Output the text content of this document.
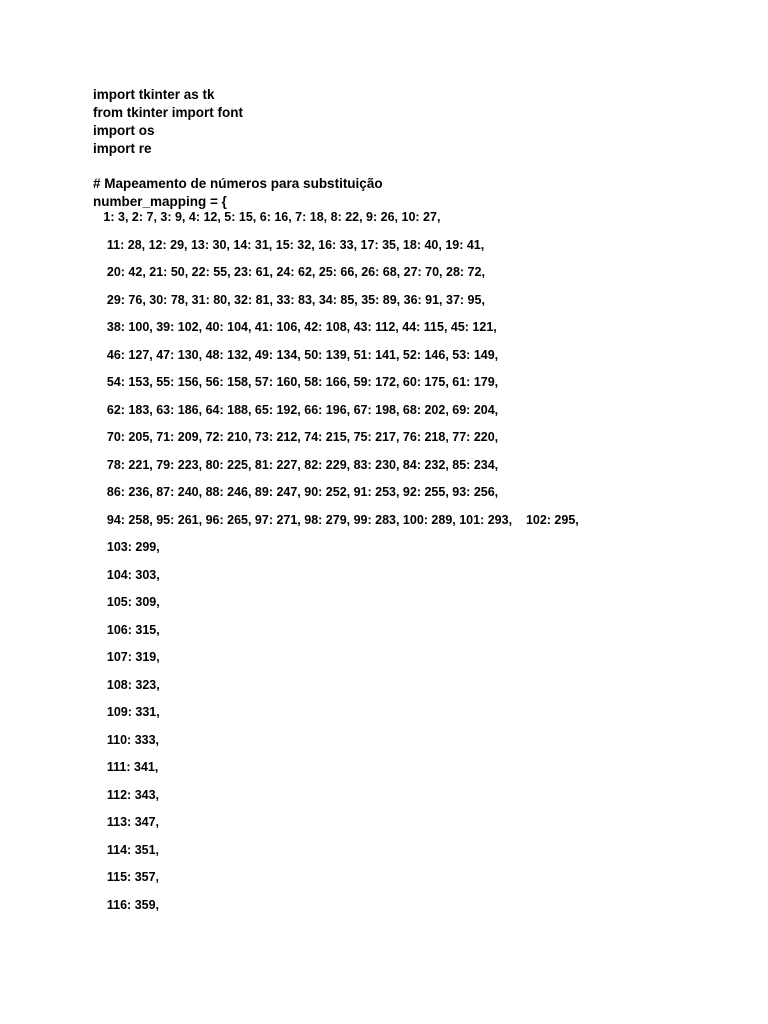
import tkinter as tk
from tkinter import font
import os
import re
# Mapeamento de números para substituição
number_mapping = {
1: 3, 2: 7, 3: 9, 4: 12, 5: 15, 6: 16, 7: 18, 8: 22, 9: 26, 10: 27,
11: 28, 12: 29, 13: 30, 14: 31, 15: 32, 16: 33, 17: 35, 18: 40, 19: 41,
20: 42, 21: 50, 22: 55, 23: 61, 24: 62, 25: 66, 26: 68, 27: 70, 28: 72,
29: 76, 30: 78, 31: 80, 32: 81, 33: 83, 34: 85, 35: 89, 36: 91, 37: 95,
38: 100, 39: 102, 40: 104, 41: 106, 42: 108, 43: 112, 44: 115, 45: 121,
46: 127, 47: 130, 48: 132, 49: 134, 50: 139, 51: 141, 52: 146, 53: 149,
54: 153, 55: 156, 56: 158, 57: 160, 58: 166, 59: 172, 60: 175, 61: 179,
62: 183, 63: 186, 64: 188, 65: 192, 66: 196, 67: 198, 68: 202, 69: 204,
70: 205, 71: 209, 72: 210, 73: 212, 74: 215, 75: 217, 76: 218, 77: 220,
78: 221, 79: 223, 80: 225, 81: 227, 82: 229, 83: 230, 84: 232, 85: 234,
86: 236, 87: 240, 88: 246, 89: 247, 90: 252, 91: 253, 92: 255, 93: 256,
94: 258, 95: 261, 96: 265, 97: 271, 98: 279, 99: 283, 100: 289, 101: 293,    102: 295,
103: 299,
104: 303,
105: 309,
106: 315,
107: 319,
108: 323,
109: 331,
110: 333,
111: 341,
112: 343,
113: 347,
114: 351,
115: 357,
116: 359,
